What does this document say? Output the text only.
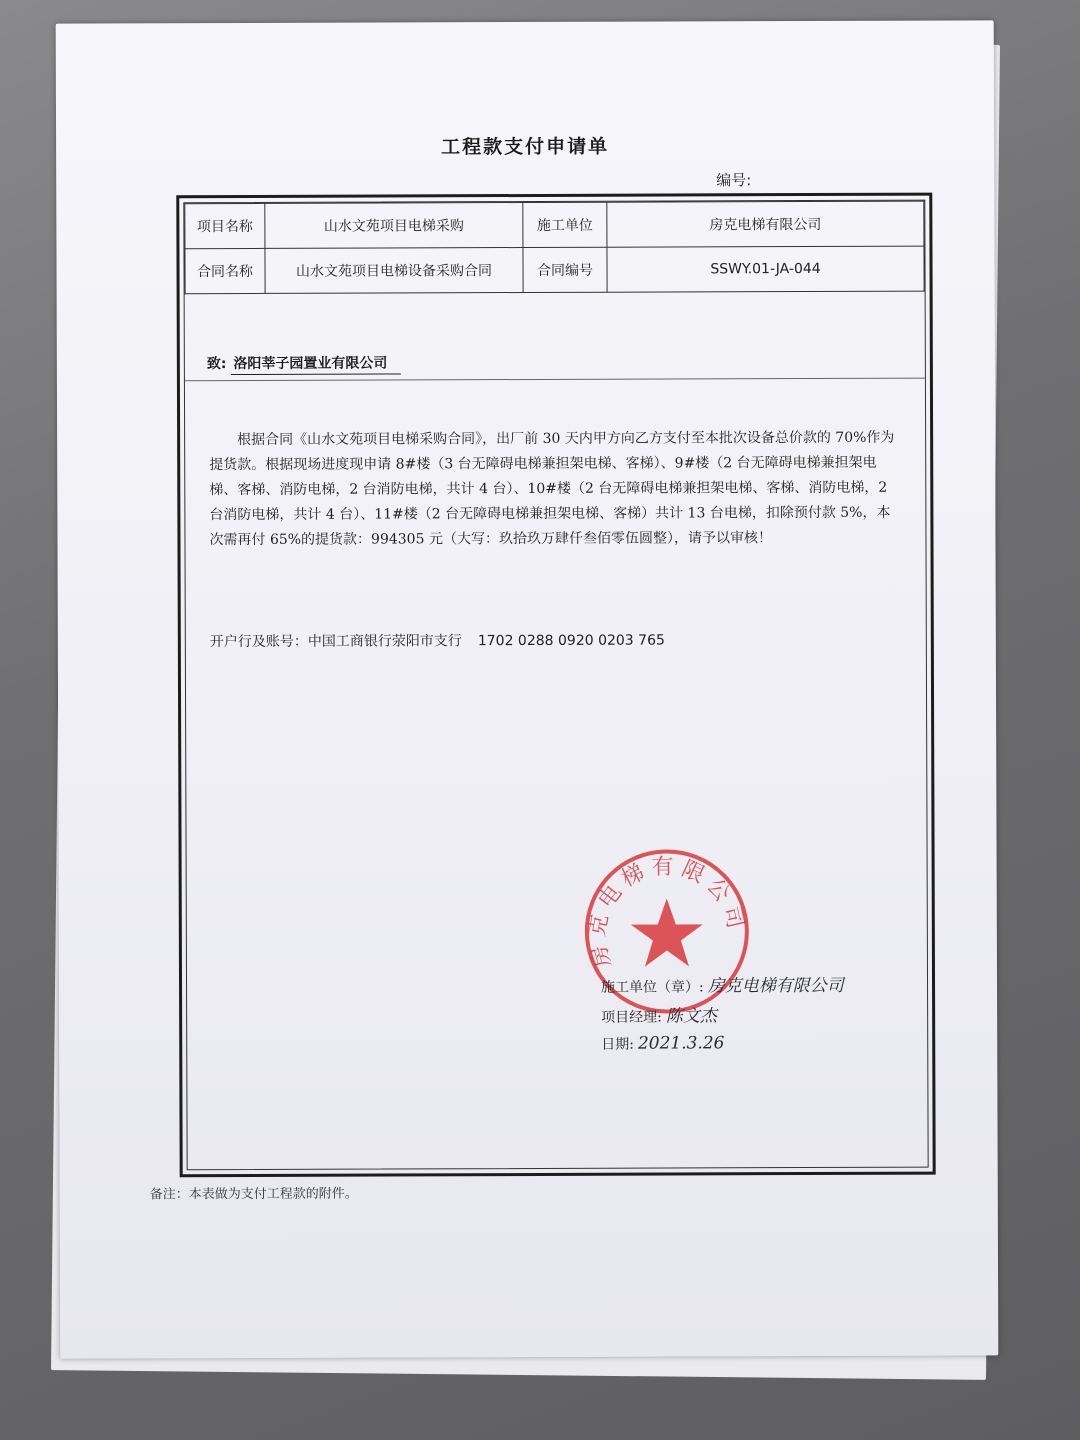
工程款支付申请单
编号:
项目名称	山水文苑项目电梯采购	施工单位	房克电梯有限公司
合同名称	山水文苑项目电梯设备采购合同	合同编号	SSWY.01-JA-044
致: 洛阳莘子园置业有限公司
根据合同《山水文苑项目电梯采购合同》，出厂前 30 天内甲方向乙方支付至本批次设备总价款的 70%作为提货款。根据现场进度现申请 8#楼（3 台无障碍电梯兼担架电梯、客梯）、9#楼（2 台无障碍电梯兼担架电梯、客梯、消防电梯，2 台消防电梯，共计 4 台）、10#楼（2 台无障碍电梯兼担架电梯、客梯、消防电梯，2 台消防电梯，共计 4 台）、11#楼（2 台无障碍电梯兼担架电梯、客梯）共计 13 台电梯，扣除预付款 5%，本次需再付 65%的提货款：994305 元（大写：玖拾玖万肆仟叁佰零伍圆整），请予以审核！
开户行及账号：中国工商银行荥阳市支行 1702 0288 0920 0203 765
房克电梯有限公司
施工单位（章）: 房克电梯有限公司
项目经理: 陈文杰
日期: 2021.3.26
备注：本表做为支付工程款的附件。
